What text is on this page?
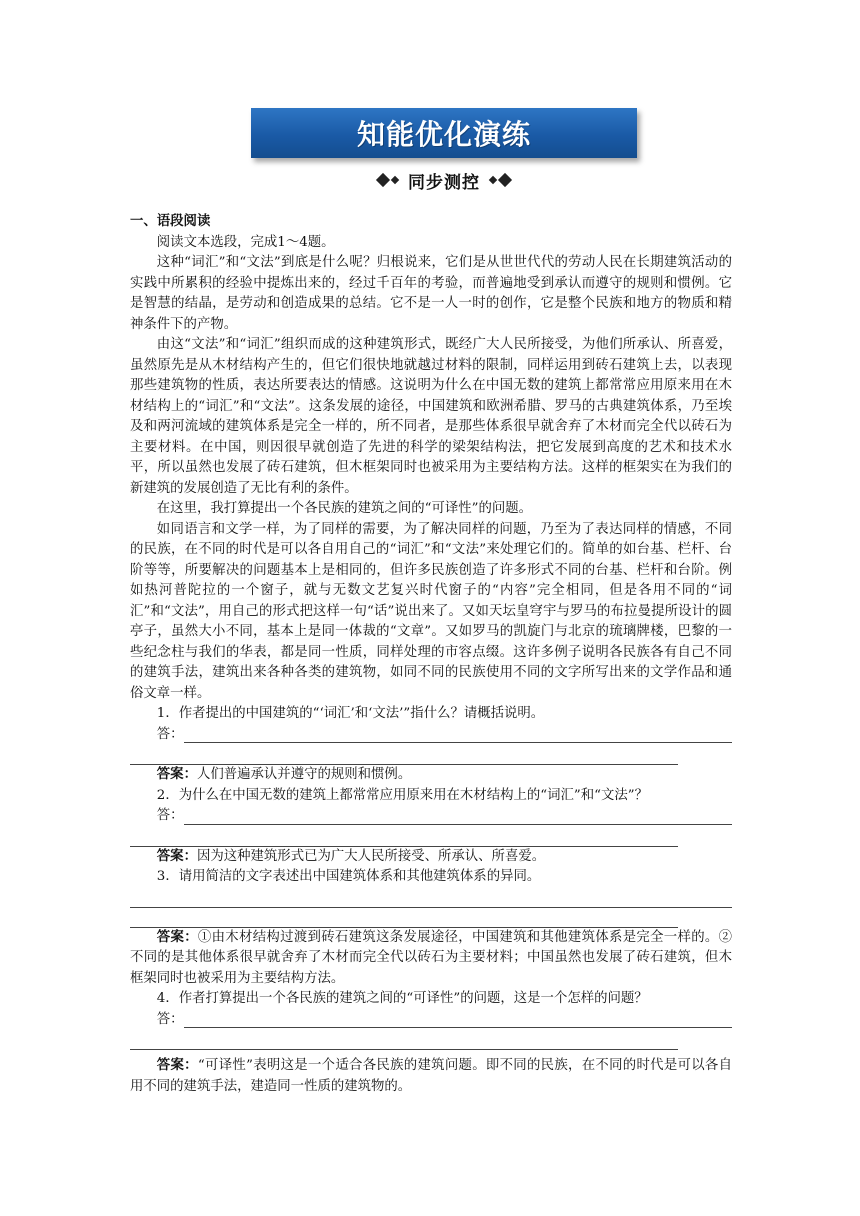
知能优化演练
同步测控

一、语段阅读

阅读文本选段，完成1～4题。

这种“词汇”和“文法”到底是什么呢？归根说来，它们是从世世代代的劳动人民在长期建筑活动的实践中所累积的经验中提炼出来的，经过千百年的考验，而普遍地受到承认而遵守的规则和惯例。它是智慧的结晶，是劳动和创造成果的总结。它不是一人一时的创作，它是整个民族和地方的物质和精神条件下的产物。

由这“文法”和“词汇”组织而成的这种建筑形式，既经广大人民所接受，为他们所承认、所喜爱，虽然原先是从木材结构产生的，但它们很快地就越过材料的限制，同样运用到砖石建筑上去，以表现那些建筑物的性质，表达所要表达的情感。这说明为什么在中国无数的建筑上都常常应用原来用在木材结构上的“词汇”和“文法”。这条发展的途径，中国建筑和欧洲希腊、罗马的古典建筑体系，乃至埃及和两河流域的建筑体系是完全一样的，所不同者，是那些体系很早就舍弃了木材而完全代以砖石为主要材料。在中国，则因很早就创造了先进的科学的梁架结构法，把它发展到高度的艺术和技术水平，所以虽然也发展了砖石建筑，但木框架同时也被采用为主要结构方法。这样的框架实在为我们的新建筑的发展创造了无比有利的条件。

在这里，我打算提出一个各民族的建筑之间的“可译性”的问题。

如同语言和文学一样，为了同样的需要，为了解决同样的问题，乃至为了表达同样的情感，不同的民族，在不同的时代是可以各自用自己的“词汇”和“文法”来处理它们的。简单的如台基、栏杆、台阶等等，所要解决的问题基本上是相同的，但许多民族创造了许多形式不同的台基、栏杆和台阶。例如热河普陀拉的一个窗子，就与无数文艺复兴时代窗子的“内容”完全相同，但是各用不同的“词汇”和“文法”，用自己的形式把这样一句“话”说出来了。又如天坛皇穹宇与罗马的布拉曼提所设计的圆亭子，虽然大小不同，基本上是同一体裁的“文章”。又如罗马的凯旋门与北京的琉璃牌楼，巴黎的一些纪念柱与我们的华表，都是同一性质，同样处理的市容点缀。这许多例子说明各民族各有自己不同的建筑手法，建筑出来各种各类的建筑物，如同不同的民族使用不同的文字所写出来的文学作品和通俗文章一样。

1．作者提出的中国建筑的“‘词汇’和‘文法’”指什么？请概括说明。

答：

答案：人们普遍承认并遵守的规则和惯例。

2．为什么在中国无数的建筑上都常常应用原来用在木材结构上的“词汇”和“文法”？

答：

答案：因为这种建筑形式已为广大人民所接受、所承认、所喜爱。

3．请用简洁的文字表述出中国建筑体系和其他建筑体系的异同。

答案：①由木材结构过渡到砖石建筑这条发展途径，中国建筑和其他建筑体系是完全一样的。②不同的是其他体系很早就舍弃了木材而完全代以砖石为主要材料；中国虽然也发展了砖石建筑，但木框架同时也被采用为主要结构方法。

4．作者打算提出一个各民族的建筑之间的“可译性”的问题，这是一个怎样的问题？

答：

答案：“可译性”表明这是一个适合各民族的建筑问题。即不同的民族，在不同的时代是可以各自用不同的建筑手法，建造同一性质的建筑物的。
